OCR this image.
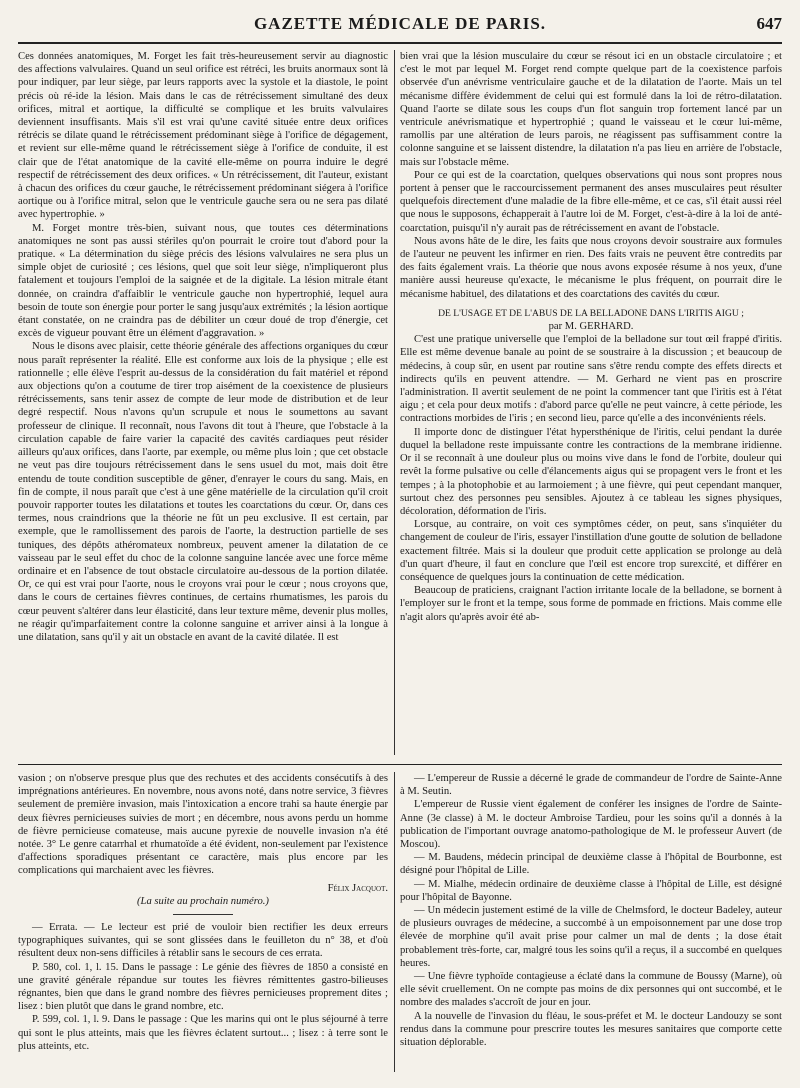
GAZETTE MÉDICALE DE PARIS.	647

Ces données anatomiques, M. Forget les fait très-heureusement servir au diagnostic des affections valvulaires. Quand un seul orifice est rétréci, les bruits anormaux sont là pour indiquer, par leur siège, par leurs rapports avec la systole et la diastole, le point précis où ré-ide la lésion. Mais dans le cas de rétrécissement simultané des deux orifices, mitral et aortique, la difficulté se complique et les bruits valvulaires deviennent insuffisants. Mais s'il est vrai qu'une cavité située entre deux orifices rétrécis se dilate quand le rétrécissement prédominant siège à l'orifice de dégagement, et revient sur elle-même quand le rétrécissement siège à l'orifice de conduite, il est clair que de l'état anatomique de la cavité elle-même on pourra induire le degré respectif de rétrécissement des deux orifices. « Un rétrécissement, dit l'auteur, existant à chacun des orifices du cœur gauche, le rétrécissement prédominant siégera à l'orifice aortique ou à l'orifice mitral, selon que le ventricule gauche sera ou ne sera pas dilaté avec hypertrophie. »

M. Forget montre très-bien, suivant nous, que toutes ces déterminations anatomiques ne sont pas aussi stériles qu'on pourrait le croire tout d'abord pour la pratique. « La détermination du siège précis des lésions valvulaires ne sera plus un simple objet de curiosité ; ces lésions, quel que soit leur siège, n'impliqueront plus fatalement et toujours l'emploi de la saignée et de la digitale. La lésion mitrale étant donnée, on craindra d'affaiblir le ventricule gauche non hypertrophié, lequel aura besoin de toute son énergie pour porter le sang jusqu'aux extrémités ; la lésion aortique étant constatée, on ne craindra pas de débiliter un cœur doué de trop d'énergie, cet excès de vigueur pouvant être un élément d'aggravation. »

Nous le disons avec plaisir, cette théorie générale des affections organiques du cœur nous paraît représenter la réalité. Elle est conforme aux lois de la physique ; elle est rationnelle ; elle élève l'esprit au-dessus de la considération du fait matériel et répond aux objections qu'on a coutume de tirer trop aisément de la coexistence de plusieurs rétrécissements, sans tenir assez de compte de leur mode de distribution et de leur degré respectif. Nous n'avons qu'un scrupule et nous le soumettons au savant professeur de clinique. Il reconnaît, nous l'avons dit tout à l'heure, que l'obstacle à la circulation capable de faire varier la capacité des cavités cardiaques peut résider ailleurs qu'aux orifices, dans l'aorte, par exemple, ou même plus loin ; que cet obstacle ne veut pas dire toujours rétrécissement dans le sens usuel du mot, mais doit être entendu de toute condition susceptible de gêner, d'enrayer le cours du sang. Mais, en fin de compte, il nous paraît que c'est à une gêne matérielle de la circulation qu'il croit pouvoir rapporter toutes les dilatations et toutes les coarctations du cœur. Or, dans ces termes, nous craindrions que la théorie ne fût un peu exclusive. Il est certain, par exemple, que le ramollissement des parois de l'aorte, la destruction partielle de ses tuniques, des dépôts athéromateux nombreux, peuvent amener la dilatation de ce vaisseau par le seul effet du choc de la colonne sanguine lancée avec une force même ordinaire et en l'absence de tout obstacle circulatoire au-dessous de la portion dilatée. Or, ce qui est vrai pour l'aorte, nous le croyons vrai pour le cœur ; nous croyons que, dans le cours de certaines fièvres continues, de certains rhumatismes, les parois du cœur peuvent s'altérer dans leur élasticité, dans leur texture même, devenir plus molles, ne réagir qu'imparfaitement contre la colonne sanguine et arriver ainsi à la longue à une dilatation, sans qu'il y ait un obstacle en avant de la cavité dilatée. Il est

bien vrai que la lésion musculaire du cœur se résout ici en un obstacle circulatoire ; et c'est le mot par lequel M. Forget rend compte quelque part de la coexistence parfois observée d'un anévrisme ventriculaire gauche et de la dilatation de l'aorte. Mais un tel mécanisme diffère évidemment de celui qui est formulé dans la loi de rétro-dilatation. Quand l'aorte se dilate sous les coups d'un flot sanguin trop fortement lancé par un ventricule anévrismatique et hypertrophié ; quand le vaisseau et le cœur lui-même, ramollis par une altération de leurs parois, ne réagissent pas suffisamment contre la colonne sanguine et se laissent distendre, la dilatation n'a pas lieu en arrière de l'obstacle, mais sur l'obstacle même.

Pour ce qui est de la coarctation, quelques observations qui nous sont propres nous portent à penser que le raccourcissement permanent des anses musculaires peut résulter quelquefois directement d'une maladie de la fibre elle-même, et ce cas, s'il était aussi réel que nous le supposons, échapperait à l'autre loi de M. Forget, c'est-à-dire à la loi de anté-coarctation, puisqu'il n'y aurait pas de rétrécissement en avant de l'obstacle.

Nous avons hâte de le dire, les faits que nous croyons devoir soustraire aux formules de l'auteur ne peuvent les infirmer en rien. Des faits vrais ne peuvent être contredits par des faits également vrais. La théorie que nous avons exposée résume à nos yeux, d'une manière aussi heureuse qu'exacte, le mécanisme le plus fréquent, on pourrait dire le mécanisme habituel, des dilatations et des coarctations des cavités du cœur.

DE L'USAGE ET DE L'ABUS DE LA BELLADONE DANS L'IRITIS AIGU ;

par M. GERHARD.

C'est une pratique universelle que l'emploi de la belladone sur tout œil frappé d'iritis. Elle est même devenue banale au point de se soustraire à la discussion ; et beaucoup de médecins, à coup sûr, en usent par routine sans s'être rendu compte des effets directs et indirects qu'ils en peuvent attendre. — M. Gerhard ne vient pas en proscrire l'administration. Il avertit seulement de ne point la commencer tant que l'iritis est à l'état aigu ; et cela pour deux motifs : d'abord parce qu'elle ne peut vaincre, à cette période, les contractions morbides de l'iris ; en second lieu, parce qu'elle a des inconvénients réels.

Il importe donc de distinguer l'état hypersthénique de l'iritis, celui pendant la durée duquel la belladone reste impuissante contre les contractions de la membrane iridienne. Or il se reconnaît à une douleur plus ou moins vive dans le fond de l'orbite, douleur qui revêt la forme pulsative ou celle d'élancements aigus qui se propagent vers le front et les tempes ; à la photophobie et au larmoiement ; à une fièvre, qui peut cependant manquer, surtout chez des personnes peu sensibles. Ajoutez à ce tableau les signes physiques, décoloration, déformation de l'iris.

Lorsque, au contraire, on voit ces symptômes céder, on peut, sans s'inquiéter du changement de couleur de l'iris, essayer l'instillation d'une goutte de solution de belladone exactement filtrée. Mais si la douleur que produit cette application se prolonge au delà d'un quart d'heure, il faut en conclure que l'œil est encore trop surexcité, et différer en conséquence de quelques jours la continuation de cette médication.

Beaucoup de praticiens, craignant l'action irritante locale de la belladone, se bornent à l'employer sur le front et la tempe, sous forme de pommade en frictions. Mais comme elle n'agit alors qu'après avoir été ab-

vasion ; on n'observe presque plus que des rechutes et des accidents consécutifs à des imprégnations antérieures. En novembre, nous avons noté, dans notre service, 3 fièvres seulement de première invasion, mais l'intoxication a encore trahi sa haute énergie par deux fièvres pernicieuses suivies de mort ; en décembre, nous avons perdu un homme de fièvre pernicieuse comateuse, mais aucune pyrexie de nouvelle invasion n'a été notée. 3° Le genre catarrhal et rhumatoïde a été évident, non-seulement par l'existence d'affections sporadiques présentant ce caractère, mais plus encore par les complications qui marchaient avec les fièvres.

Félix Jacquot.

(La suite au prochain numéro.)

— Errata. — Le lecteur est prié de vouloir bien rectifier les deux erreurs typographiques suivantes, qui se sont glissées dans le feuilleton du n° 38, et d'où résultent deux non-sens difficiles à rétablir sans le secours de ces errata.

P. 580, col. 1, l. 15. Dans le passage : Le génie des fièvres de 1850 a consisté en une gravité générale répandue sur toutes les fièvres rémittentes gastro-bilieuses régnantes, bien que dans le grand nombre des fièvres pernicieuses proprement dites ; lisez : bien plutôt que dans le grand nombre, etc.

P. 599, col. 1, l. 9. Dans le passage : Que les marins qui ont le plus séjourné à terre qui sont le plus atteints, mais que les fièvres éclatent surtout... ; lisez : à terre sont le plus atteints, etc.

— L'empereur de Russie a décerné le grade de commandeur de l'ordre de Sainte-Anne à M. Seutin.

L'empereur de Russie vient également de conférer les insignes de l'ordre de Sainte-Anne (3e classe) à M. le docteur Ambroise Tardieu, pour les soins qu'il a donnés à la publication de l'important ouvrage anatomo-pathologique de M. le professeur Auvert (de Moscou).

— M. Baudens, médecin principal de deuxième classe à l'hôpital de Bourbonne, est désigné pour l'hôpital de Lille.

— M. Mialhe, médecin ordinaire de deuxième classe à l'hôpital de Lille, est désigné pour l'hôpital de Bayonne.

— Un médecin justement estimé de la ville de Chelmsford, le docteur Badeley, auteur de plusieurs ouvrages de médecine, a succombé à un empoisonnement par une dose trop élevée de morphine qu'il avait prise pour calmer un mal de dents ; la dose était probablement très-forte, car, malgré tous les soins qu'il a reçus, il a succombé en quelques heures.

— Une fièvre typhoïde contagieuse a éclaté dans la commune de Boussy (Marne), où elle sévit cruellement. On ne compte pas moins de dix personnes qui ont succombé, et le nombre des malades s'accroît de jour en jour.

A la nouvelle de l'invasion du fléau, le sous-préfet et M. le docteur Landouzy se sont rendus dans la commune pour prescrire toutes les mesures sanitaires que comporte cette situation déplorable.
